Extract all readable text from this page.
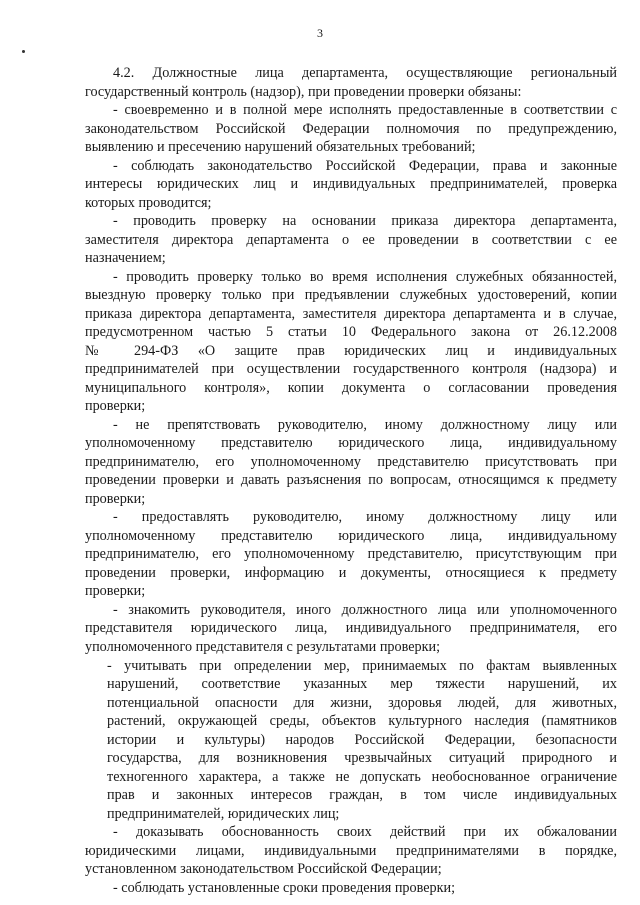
3
4.2. Должностные лица департамента, осуществляющие региональный
государственный контроль (надзор), при проведении проверки обязаны:
- своевременно и в полной мере исполнять предоставленные в соответствии с
законодательством Российской Федерации полномочия по предупреждению,
выявлению и пресечению нарушений обязательных требований;
- соблюдать законодательство Российской Федерации, права и законные
интересы юридических лиц и индивидуальных предпринимателей, проверка
которых проводится;
- проводить проверку на основании приказа директора департамента,
заместителя директора департамента о ее проведении в соответствии с ее
назначением;
- проводить проверку только во время исполнения служебных обязанностей,
выездную проверку только при предъявлении служебных удостоверений, копии
приказа директора департамента, заместителя директора департамента и в случае,
предусмотренном частью 5 статьи 10 Федерального закона от 26.12.2008
№ 294-ФЗ «О защите прав юридических лиц и индивидуальных
предпринимателей при осуществлении государственного контроля (надзора) и
муниципального контроля», копии документа о согласовании проведения
проверки;
- не препятствовать руководителю, иному должностному лицу или
уполномоченному представителю юридического лица, индивидуальному
предпринимателю, его уполномоченному представителю присутствовать при
проведении проверки и давать разъяснения по вопросам, относящимся к предмету
проверки;
- предоставлять руководителю, иному должностному лицу или
уполномоченному представителю юридического лица, индивидуальному
предпринимателю, его уполномоченному представителю, присутствующим при
проведении проверки, информацию и документы, относящиеся к предмету
проверки;
- знакомить руководителя, иного должностного лица или уполномоченного
представителя юридического лица, индивидуального предпринимателя, его
уполномоченного представителя с результатами проверки;
- учитывать при определении мер, принимаемых по фактам выявленных
нарушений, соответствие указанных мер тяжести нарушений, их
потенциальной опасности для жизни, здоровья людей, для животных,
растений, окружающей среды, объектов культурного наследия (памятников
истории и культуры) народов Российской Федерации, безопасности
государства, для возникновения чрезвычайных ситуаций природного и
техногенного характера, а также не допускать необоснованное ограничение
прав и законных интересов граждан, в том числе индивидуальных
предпринимателей, юридических лиц;
- доказывать обоснованность своих действий при их обжаловании
юридическими лицами, индивидуальными предпринимателями в порядке,
установленном законодательством Российской Федерации;
- соблюдать установленные сроки проведения проверки;
